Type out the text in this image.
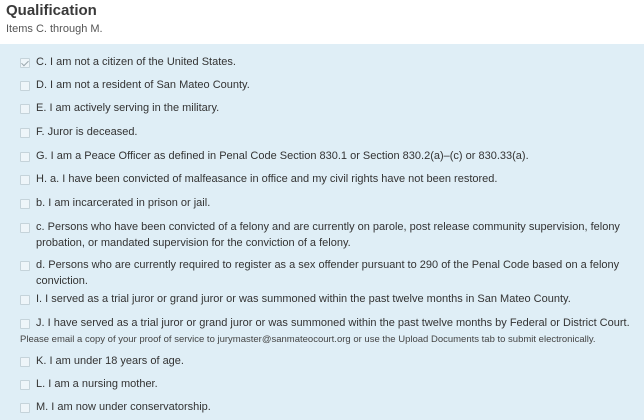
Qualification

Items C. through M.

C. I am not a citizen of the United States.
D. I am not a resident of San Mateo County.
E. I am actively serving in the military.
F. Juror is deceased.
G. I am a Peace Officer as defined in Penal Code Section 830.1 or Section 830.2(a)–(c) or 830.33(a).
H. a. I have been convicted of malfeasance in office and my civil rights have not been restored.
b. I am incarcerated in prison or jail.
c. Persons who have been convicted of a felony and are currently on parole, post release community supervision, felony probation, or mandated supervision for the conviction of a felony.
d. Persons who are currently required to register as a sex offender pursuant to 290 of the Penal Code based on a felony conviction.
I. I served as a trial juror or grand juror or was summoned within the past twelve months in San Mateo County.
J. I have served as a trial juror or grand juror or was summoned within the past twelve months by Federal or District Court.
Please email a copy of your proof of service to jurymaster@sanmateocourt.org or use the Upload Documents tab to submit electronically.
K. I am under 18 years of age.
L. I am a nursing mother.
M. I am now under conservatorship.
